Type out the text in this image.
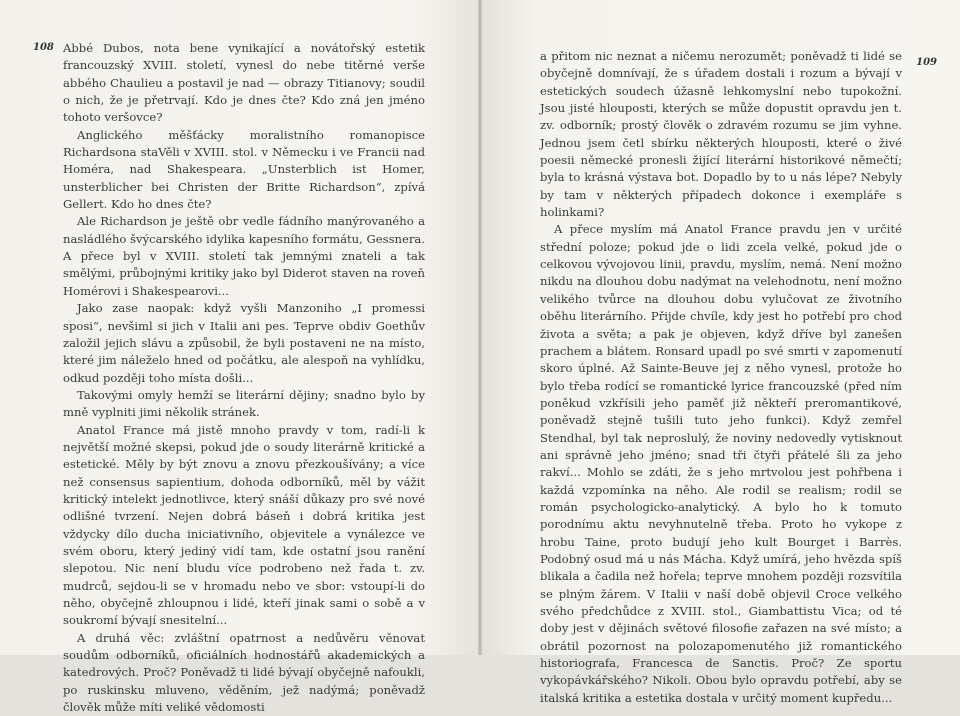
108 Abbé Dubos, nota bene vynikající a novátořský estetik francouzský XVIII. století, vynesl do nebe titěrné verše abbého Chaulieu a postavil je nad — obrazy Titianovy; soudil o nich, že je přetrvají. Kdo je dnes čte? Kdo zná jen jméno tohoto veršovce?

Anglického měšťácky moralistního romanopisce Richardsona staVěli v XVIII. stol. v Německu i ve Francii nad Homéra, nad Shakespeara. „Unsterblich ist Homer, unsterblicher bei Christen der Britte Richardson“, zpívá Gellert. Kdo ho dnes čte?

Ale Richardson je ještě obr vedle fádního manýrovaného a nasládlého švýcarského idylika kapesního formátu, Gessnera. A přece byl v XVIII. století tak jemnými znateli a tak smělými, průbojnými kritiky jako byl Diderot staven na roveň Homérovi i Shakespearovi...

Jako zase naopak: když vyšli Manzoniho „I promessi sposi“, nevšiml si jich v Italii ani pes. Teprve obdiv Goethův založil jejich slávu a způsobil, že byli postaveni ne na místo, které jim náleželo hned od počátku, ale alespoň na vyhlídku, odkud později toho místa došli...

Takovými omyly hemží se literární dějiny; snadno bylo by mně vyplniti jimi několik stránek.

Anatol France má jistě mnoho pravdy v tom, radí-li k největší možné skepsi, pokud jde o soudy literárně kritické a estetické. Měly by být znovu a znovu přezkoušívány; a více než consensus sapientium, dohoda odborníků, měl by vážit kritický intelekt jednotlivce, který snáší důkazy pro své nové odlišné tvrzení. Nejen dobrá báseň i dobrá kritika jest vždycky dílo ducha iniciativního, objevitele a vynálezce ve svém oboru, který jediný vidí tam, kde ostatní jsou ranění slepotou. Nic není bludu více podrobeno než řada t. zv. mudrců, sejdou-li se v hromadu nebo ve sbor: vstoupí-li do něho, obyčejně zhloupnou i lidé, kteří jinak sami o sobě a v soukromí bývají snesitelní...

A druhá věc: zvláštní opatrnost a nedůvěru věnovat soudům odborníků, oficiálních hodnostářů akademických a katedrových. Proč? Poněvadž ti lidé bývají obyčejně nafoukli, po ruskinsku mluveno, věděním, jež nadýmá; poněvadž člověk může míti veliké vědomosti

109

a přitom nic neznat a ničemu nerozumět; poněvadž ti lidé se obyčejně domnívají, že s úřadem dostali i rozum a bývají v estetických soudech úžasně lehkomyslní nebo tupokožní. Jsou jisté hlouposti, kterých se může dopustit opravdu jen t. zv. odborník; prostý člověk o zdravém rozumu se jim vyhne. Jednou jsem četl sbírku některých hlouposti, které o živé poesii německé pronesli žijící literární historikové němečtí; byla to krásná výstava bot. Dopadlo by to u nás lépe? Nebyly by tam v některých případech dokonce i exempláře s holinkami?

A přece myslím má Anatol France pravdu jen v určité střední poloze; pokud jde o lidi zcela velké, pokud jde o celkovou vývojovou linii, pravdu, myslím, nemá. Není možno nikdu na dlouhou dobu nadýmat na velehodnotu, není možno velikého tvůrce na dlouhou dobu vylučovat ze životního oběhu literárního. Přijde chvíle, kdy jest ho potřebí pro chod života a světa; a pak je objeven, když dříve byl zanešen prachem a blátem. Ronsard upadl po své smrti v zapomenutí skoro úplné. Až Sainte-Beuve jej z něho vynesl, protože ho bylo třeba rodící se romantické lyrice francouzské (před ním poněkud vzkřísili jeho paměť již někteří preromantikové, poněvadž stejně tušili tuto jeho funkci). Když zemřel Stendhal, byl tak neproslulý, že noviny nedovedly vytisknout ani správně jeho jméno; snad tři čtyři přátelé šli za jeho rakví... Mohlo se zdáti, že s jeho mrtvolou jest pohřbena i každá vzpomínka na něho. Ale rodil se realism; rodil se román psychologicko-analytický. A bylo ho k tomuto porodnímu aktu nevyhnutelně třeba. Proto ho vykope z hrobu Taine, proto budují jeho kult Bourget i Barrès. Podobný osud má u nás Mácha. Když umírá, jeho hvězda spíš blikala a čadila než hořela; teprve mnohem později rozsvítila se plným žárem. V Italii v naší době objevil Croce velkého svého předchůdce z XVIII. stol., Giambattistu Vica; od té doby jest v dějinách světové filosofie zařazen na své místo; a obrátil pozornost na polozapomenutého již romantického historiografa, Francesca de Sanctis. Proč? Ze sportu vykopávkářského? Nikoli. Obou bylo opravdu potřebí, aby se italská kritika a estetika dostala v určitý moment kupředu...
